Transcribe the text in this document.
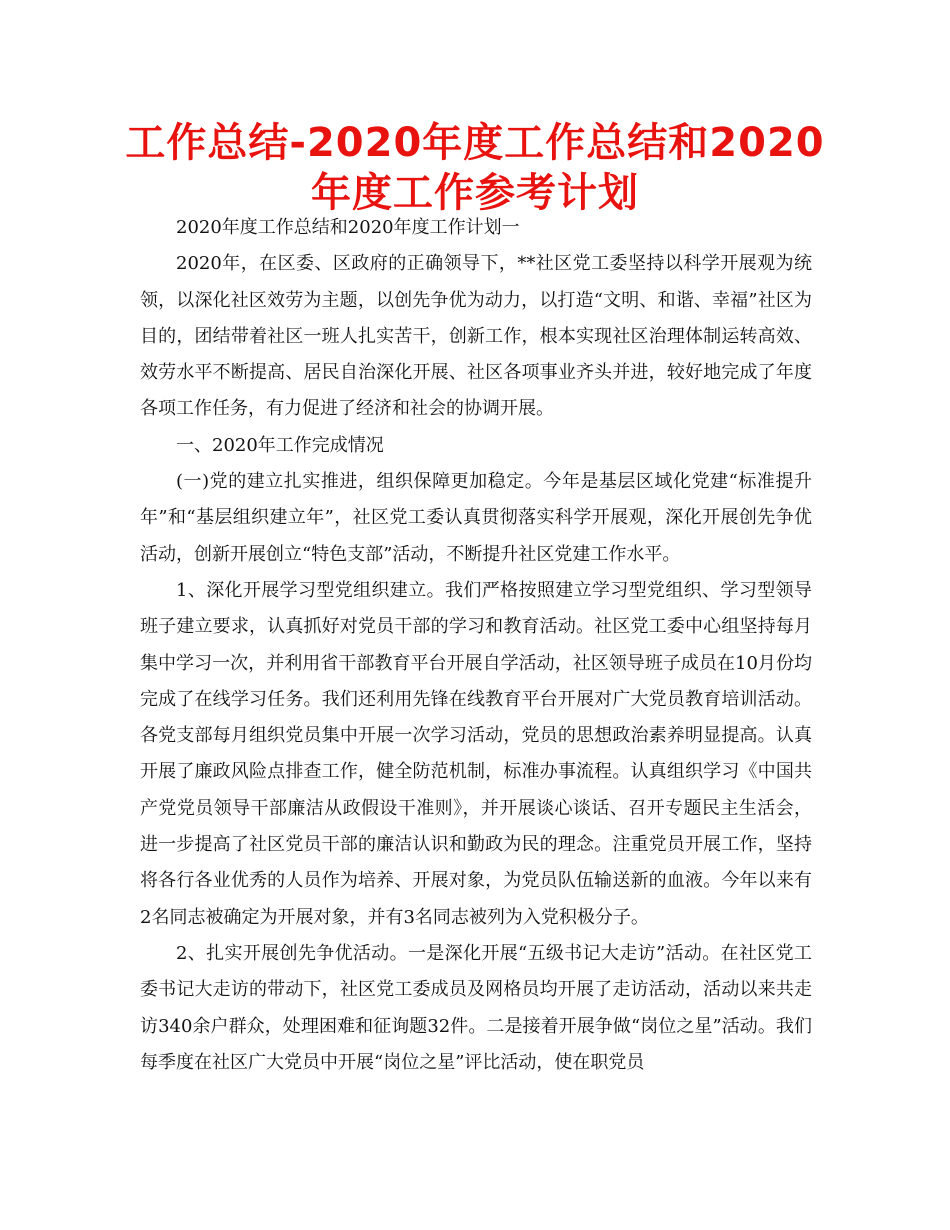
工作总结-2020年度工作总结和2020年度工作参考计划

2020年度工作总结和2020年度工作计划一

2020年，在区委、区政府的正确领导下，**社区党工委坚持以科学开展观为统领，以深化社区效劳为主题，以创先争优为动力，以打造“文明、和谐、幸福”社区为目的，团结带着社区一班人扎实苦干，创新工作，根本实现社区治理体制运转高效、效劳水平不断提高、居民自治深化开展、社区各项事业齐头并进，较好地完成了年度各项工作任务，有力促进了经济和社会的协调开展。

一、2020年工作完成情况

(一)党的建立扎实推进，组织保障更加稳定。今年是基层区域化党建“标准提升年”和“基层组织建立年”，社区党工委认真贯彻落实科学开展观，深化开展创先争优活动，创新开展创立“特色支部”活动，不断提升社区党建工作水平。

1、深化开展学习型党组织建立。我们严格按照建立学习型党组织、学习型领导班子建立要求，认真抓好对党员干部的学习和教育活动。社区党工委中心组坚持每月集中学习一次，并利用省干部教育平台开展自学活动，社区领导班子成员在10月份均完成了在线学习任务。我们还利用先锋在线教育平台开展对广大党员教育培训活动。各党支部每月组织党员集中开展一次学习活动，党员的思想政治素养明显提高。认真开展了廉政风险点排查工作，健全防范机制，标准办事流程。认真组织学习《中国共产党党员领导干部廉洁从政假设干准则》，并开展谈心谈话、召开专题民主生活会，进一步提高了社区党员干部的廉洁认识和勤政为民的理念。注重党员开展工作，坚持将各行各业优秀的人员作为培养、开展对象，为党员队伍输送新的血液。今年以来有2名同志被确定为开展对象，并有3名同志被列为入党积极分子。

2、扎实开展创先争优活动。一是深化开展“五级书记大走访”活动。在社区党工委书记大走访的带动下，社区党工委成员及网格员均开展了走访活动，活动以来共走访340余户群众，处理困难和征询题32件。二是接着开展争做“岗位之星”活动。我们每季度在社区广大党员中开展“岗位之星”评比活动，使在职党员
